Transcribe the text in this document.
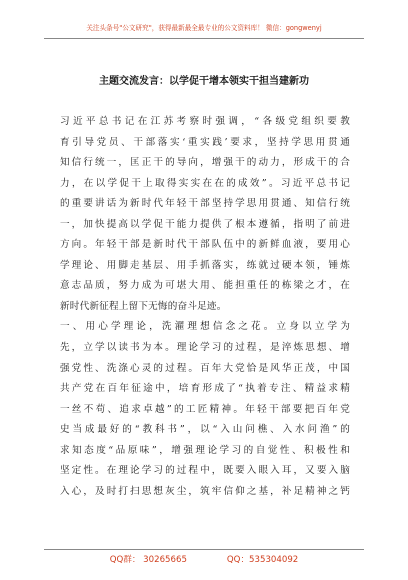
关注头条号"公文研究"，获得最新最全最专业的公文资料库！ 微信：gongwenyj
主题交流发言：以学促干增本领实干担当建新功
习近平总书记在江苏考察时强调，“各级党组织要教
育引导党员、干部落实‘重实践’要求，坚持学思用贯通
知信行统一，匡正干的导向，增强干的动力，形成干的合
力，在以学促干上取得实实在在的成效”。习近平总书记
的重要讲话为新时代年轻干部坚持学思用贯通、知信行统
一，加快提高以学促干能力提供了根本遵循，指明了前进
方向。年轻干部是新时代干部队伍中的新鲜血液，要用心
学理论、用脚走基层、用手抓落实，练就过硬本领，锤炼
意志品质，努力成为可堪大用、能担重任的栋梁之才，在
新时代新征程上留下无悔的奋斗足迹。
一、用心学理论，洗濯理想信念之花。立身以立学为
先，立学以读书为本。理论学习的过程，是淬炼思想、增
强党性、洗涤心灵的过程。百年大党恰是风华正茂，中国
共产党在百年征途中，培育形成了“执着专注、精益求精
一丝不苟、追求卓越”的工匠精神。年轻干部要把百年党
史当成最好的“教科书”，以“入山问樵、入水问渔”的
求知态度“品原味”，增强理论学习的自觉性、积极性和
坚定性。在理论学习的过程中，既要入眼入耳，又要入脑
入心，及时打扫思想灰尘，筑牢信仰之基，补足精神之钙
QQ群： 30265665	QQ：535304092
